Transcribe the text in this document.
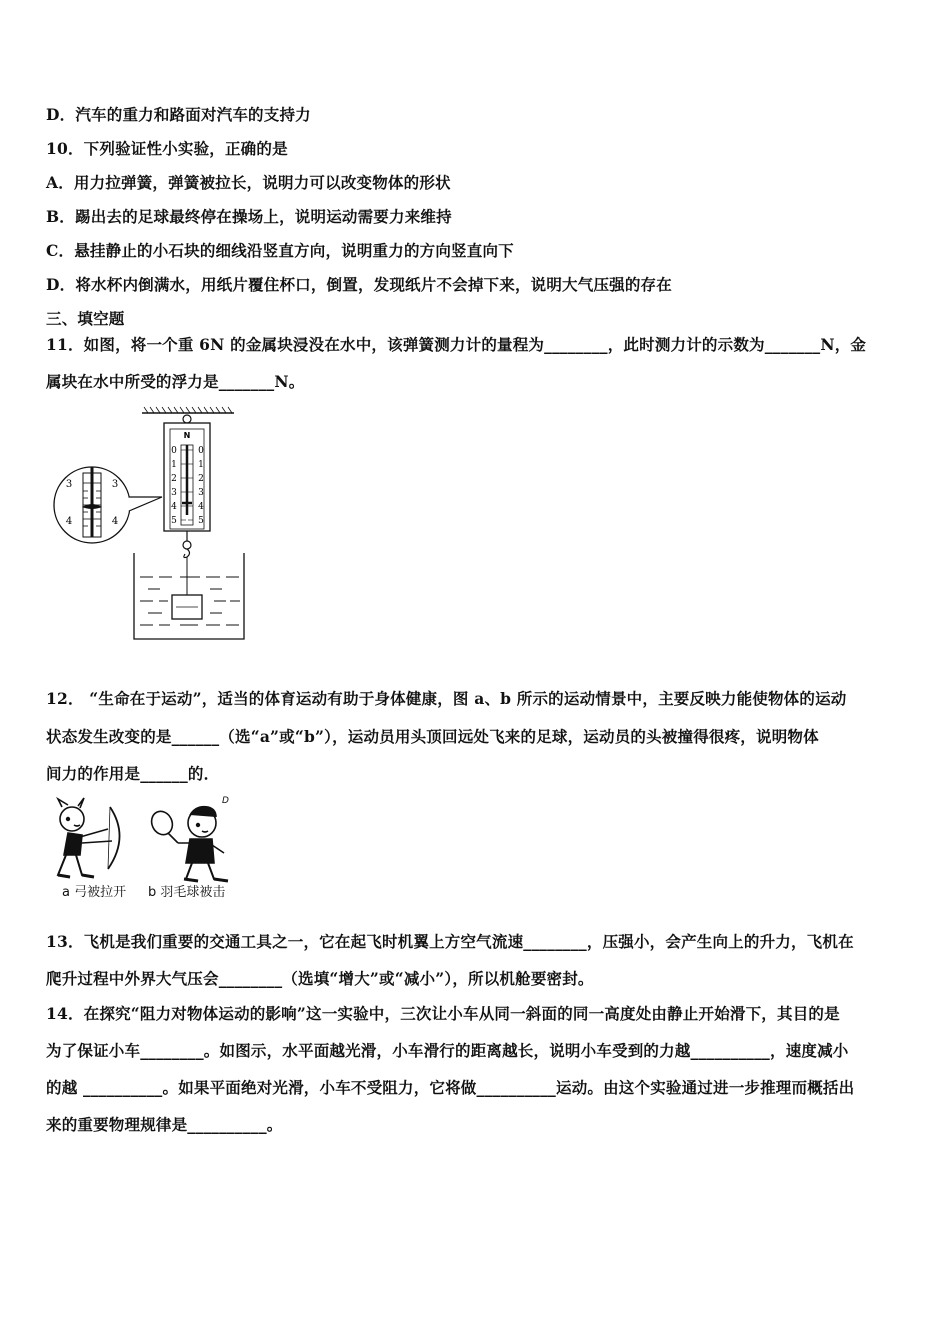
D．汽车的重力和路面对汽车的支持力
10．下列验证性小实验，正确的是
A．用力拉弹簧，弹簧被拉长，说明力可以改变物体的形状
B．踢出去的足球最终停在操场上，说明运动需要力来维持
C．悬挂静止的小石块的细线沿竖直方向，说明重力的方向竖直向下
D．将水杯内倒满水，用纸片覆住杯口，倒置，发现纸片不会掉下来，说明大气压强的存在
三、填空题
11．如图，将一个重 6N 的金属块浸没在水中，该弹簧测力计的量程为________，此时测力计的示数为_______N，金
属块在水中所受的浮力是_______N。
N
0
1
2
3
4
5
0
1
2
3
4
5
3	3
4	4
12． “生命在于运动”，适当的体育运动有助于身体健康，图 a、b 所示的运动情景中，主要反映力能使物体的运动
状态发生改变的是______（选“a”或“b”），运动员用头顶回远处飞来的足球，运动员的头被撞得很疼，说明物体
间力的作用是______的．
D
a 弓被拉开 b 羽毛球被击
13．飞机是我们重要的交通工具之一，它在起飞时机翼上方空气流速________，压强小，会产生向上的升力，飞机在
爬升过程中外界大气压会________（选填“增大”或“减小”），所以机舱要密封。
14．在探究“阻力对物体运动的影响”这一实验中，三次让小车从同一斜面的同一高度处由静止开始滑下，其目的是
为了保证小车________。如图示，水平面越光滑，小车滑行的距离越长，说明小车受到的力越__________，速度减小
的越 __________。如果平面绝对光滑，小车不受阻力，它将做__________运动。由这个实验通过进一步推理而概括出
来的重要物理规律是__________。
